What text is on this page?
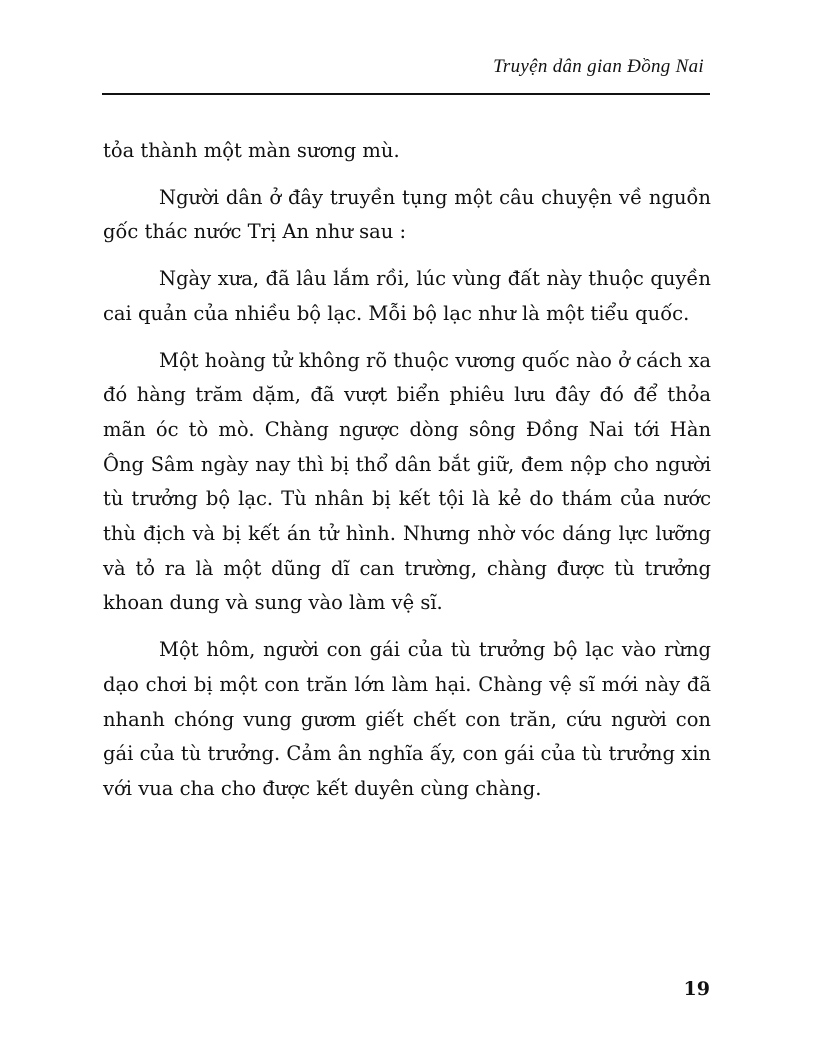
Truyện dân gian Đồng Nai

tỏa thành một màn sương mù.

Người dân ở đây truyền tụng một câu chuyện về nguồn gốc thác nước Trị An như sau :

Ngày xưa, đã lâu lắm rồi, lúc vùng đất này thuộc quyền cai quản của nhiều bộ lạc. Mỗi bộ lạc như là một tiểu quốc.

Một hoàng tử không rõ thuộc vương quốc nào ở cách xa đó hàng trăm dặm, đã vượt biển phiêu lưu đây đó để thỏa mãn óc tò mò. Chàng ngược dòng sông Đồng Nai tới Hàn Ông Sâm ngày nay thì bị thổ dân bắt giữ, đem nộp cho người tù trưởng bộ lạc. Tù nhân bị kết tội là kẻ do thám của nước thù địch và bị kết án tử hình. Nhưng nhờ vóc dáng lực lưỡng và tỏ ra là một dũng dĩ can trường, chàng được tù trưởng khoan dung và sung vào làm vệ sĩ.

Một hôm, người con gái của tù trưởng bộ lạc vào rừng dạo chơi bị một con trăn lớn làm hại. Chàng vệ sĩ mới này đã nhanh chóng vung gươm giết chết con trăn, cứu người con gái của tù trưởng. Cảm ân nghĩa ấy, con gái của tù trưởng xin với vua cha cho được kết duyên cùng chàng.

19
